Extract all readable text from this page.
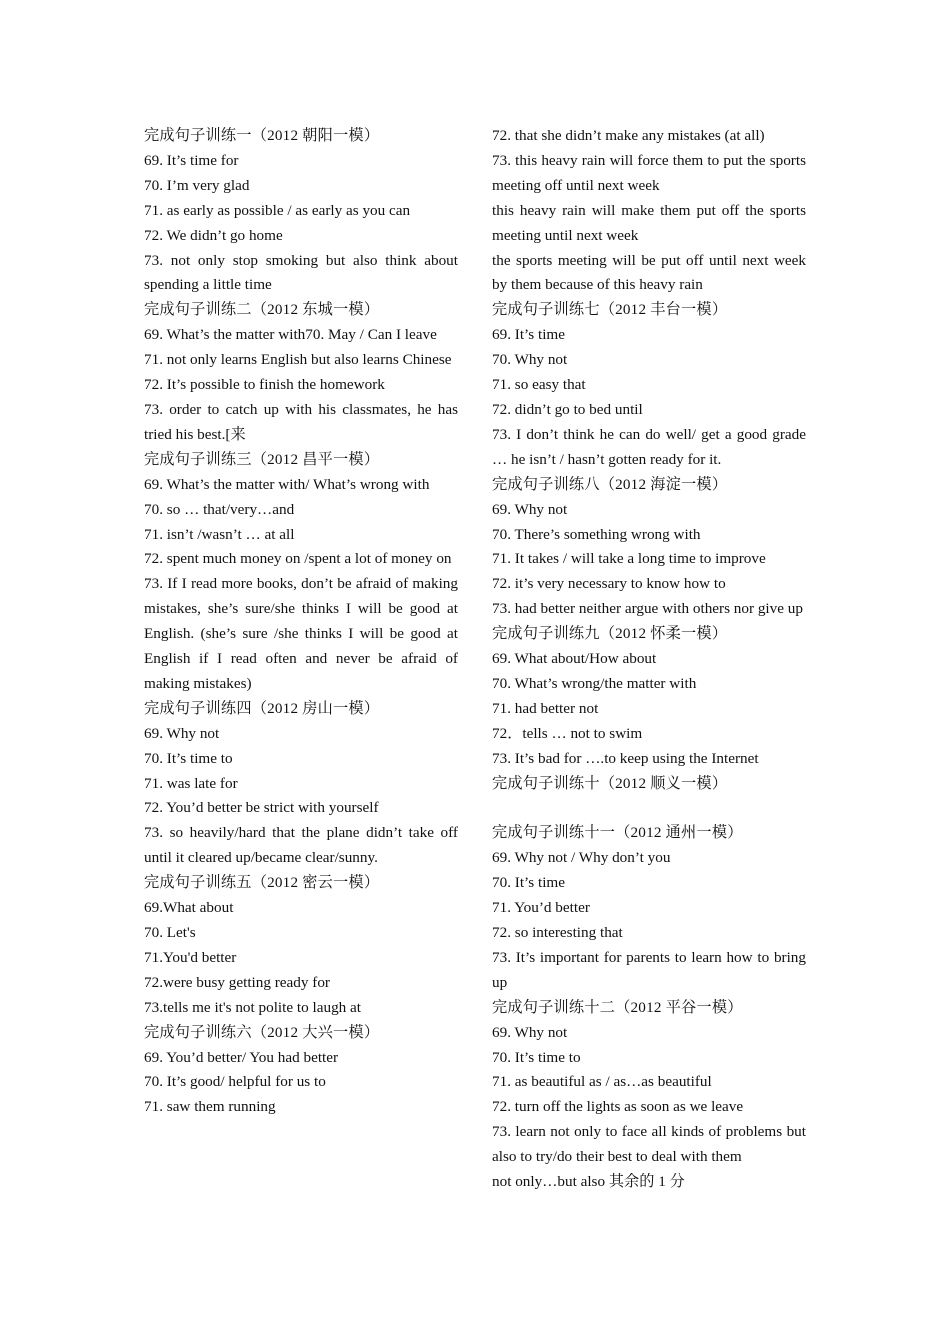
完成句子训练一（2012 朝阳一模）
69. It’s time for
70. I’m very glad
71. as early as possible / as early as you can
72. We didn’t go home
73. not only stop smoking but also think about spending a little time
完成句子训练二（2012 东城一模）
69. What’s the matter with70. May / Can I leave
71. not only learns English but also learns Chinese
72. It’s possible to finish the homework
73. order to catch up with his classmates, he has tried his best.[来
完成句子训练三（2012 昌平一模）
69. What’s the matter with/ What’s wrong with
70. so … that/very…and
71. isn’t /wasn’t … at all
72. spent much money on /spent a lot of money on
73. If I read more books, don’t be afraid of making mistakes, she’s sure/she thinks I will be good at English. (she’s sure /she thinks I will be good at English if I read often and never be afraid of making mistakes)
完成句子训练四（2012 房山一模）
69. Why not
70. It’s time to
71. was late for
72. You’d better be strict with yourself
73. so heavily/hard that the plane didn’t take off until it cleared up/became clear/sunny.
完成句子训练五（2012 密云一模）
69.What about
70. Let's
71.You'd better
72.were busy getting ready for
73.tells me it's not polite to laugh at
完成句子训练六（2012 大兴一模）
69. You’d better/ You had better
70. It’s good/ helpful for us to
71. saw them running
72. that she didn’t make any mistakes (at all)
73. this heavy rain will force them to put the sports meeting off until next week
this heavy rain will make them put off the sports meeting until next week
the sports meeting will be put off until next week by them because of this heavy rain
完成句子训练七（2012 丰台一模）
69. It’s time
70. Why not
71. so easy that
72. didn’t go to bed until
73. I don’t think he can do well/ get a good grade … he isn’t / hasn’t gotten ready for it.
完成句子训练八（2012 海淀一模）
69. Why not
70. There’s something wrong with
71. It takes / will take a long time to improve
72. it’s very necessary to know how to
73. had better neither argue with others nor give up
完成句子训练九（2012 怀柔一模）
69. What about/How about
70. What’s wrong/the matter with
71. had better not
72．tells … not to swim
73. It’s bad for ….to keep using the Internet
完成句子训练十（2012 顺义一模）
完成句子训练十一（2012 通州一模）
69. Why not / Why don’t you
70. It’s time
71. You’d better
72. so interesting that
73. It’s important for parents to learn how to bring up
完成句子训练十二（2012 平谷一模）
69. Why not
70. It’s time to
71. as beautiful as / as…as beautiful
72. turn off the lights as soon as we leave
73. learn not only to face all kinds of problems but also to try/do their best to deal with them
not only…but also 其余的 1 分
